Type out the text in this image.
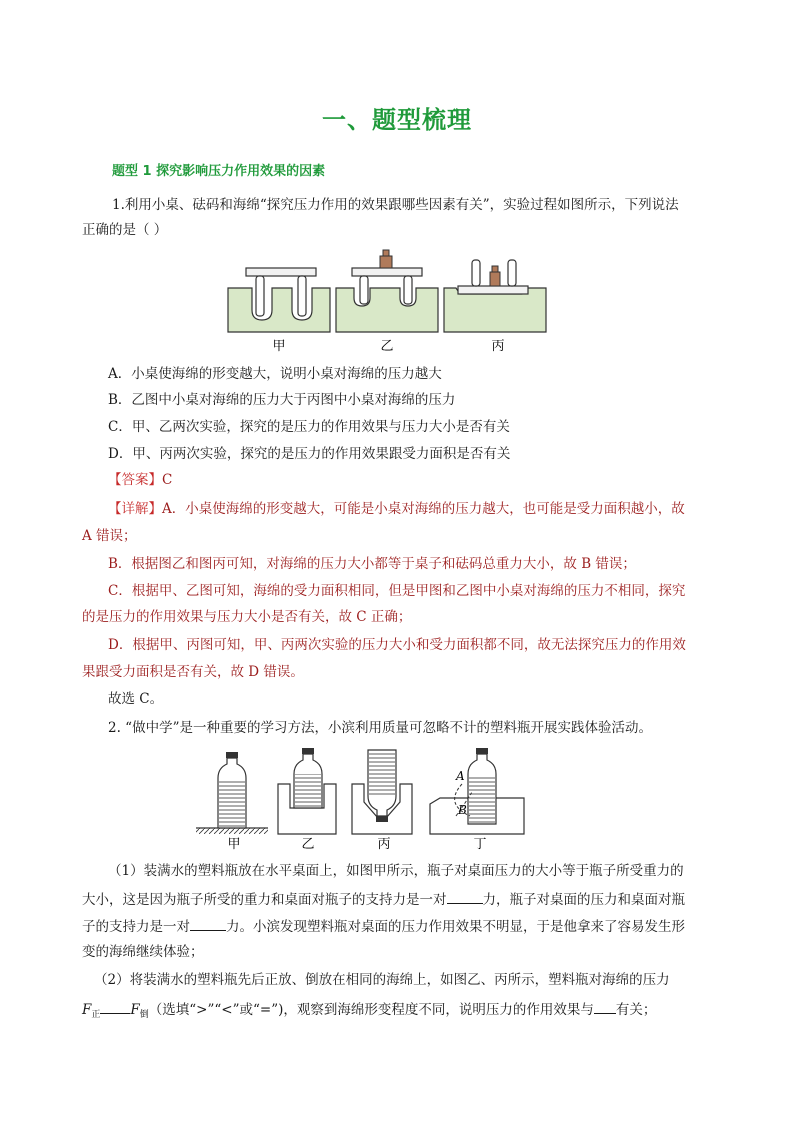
一、题型梳理
题型 1 探究影响压力作用效果的因素
1.利用小桌、砝码和海绵“探究压力作用的效果跟哪些因素有关”，实验过程如图所示，下列说法
正确的是（ ）
甲	乙	丙
A．小桌使海绵的形变越大，说明小桌对海绵的压力越大
B．乙图中小桌对海绵的压力大于丙图中小桌对海绵的压力
C．甲、乙两次实验，探究的是压力的作用效果与压力大小是否有关
D．甲、丙两次实验，探究的是压力的作用效果跟受力面积是否有关
【答案】C
【详解】A．小桌使海绵的形变越大，可能是小桌对海绵的压力越大，也可能是受力面积越小，故
A 错误；
B．根据图乙和图丙可知，对海绵的压力大小都等于桌子和砝码总重力大小，故 B 错误；
C．根据甲、乙图可知，海绵的受力面积相同，但是甲图和乙图中小桌对海绵的压力不相同，探究
的是压力的作用效果与压力大小是否有关，故 C 正确；
D．根据甲、丙图可知，甲、丙两次实验的压力大小和受力面积都不同，故无法探究压力的作用效
果跟受力面积是否有关，故 D 错误。
故选 C。
2. “做中学”是一种重要的学习方法，小滨利用质量可忽略不计的塑料瓶开展实践体验活动。
A
B
甲	乙	丙	丁
（1）装满水的塑料瓶放在水平桌面上，如图甲所示，瓶子对桌面压力的大小等于瓶子所受重力的
大小，这是因为瓶子所受的重力和桌面对瓶子的支持力是一对	力，瓶子对桌面的压力和桌面对瓶
子的支持力是一对	力。小滨发现塑料瓶对桌面的压力作用效果不明显，于是他拿来了容易发生形
变的海绵继续体验；
（2）将装满水的塑料瓶先后正放、倒放在相同的海绵上，如图乙、丙所示，塑料瓶对海绵的压力
$F_正$ $F_倒$（选填“>”“<”或“=”)，观察到海绵形变程度不同，说明压力的作用效果与 有关；
